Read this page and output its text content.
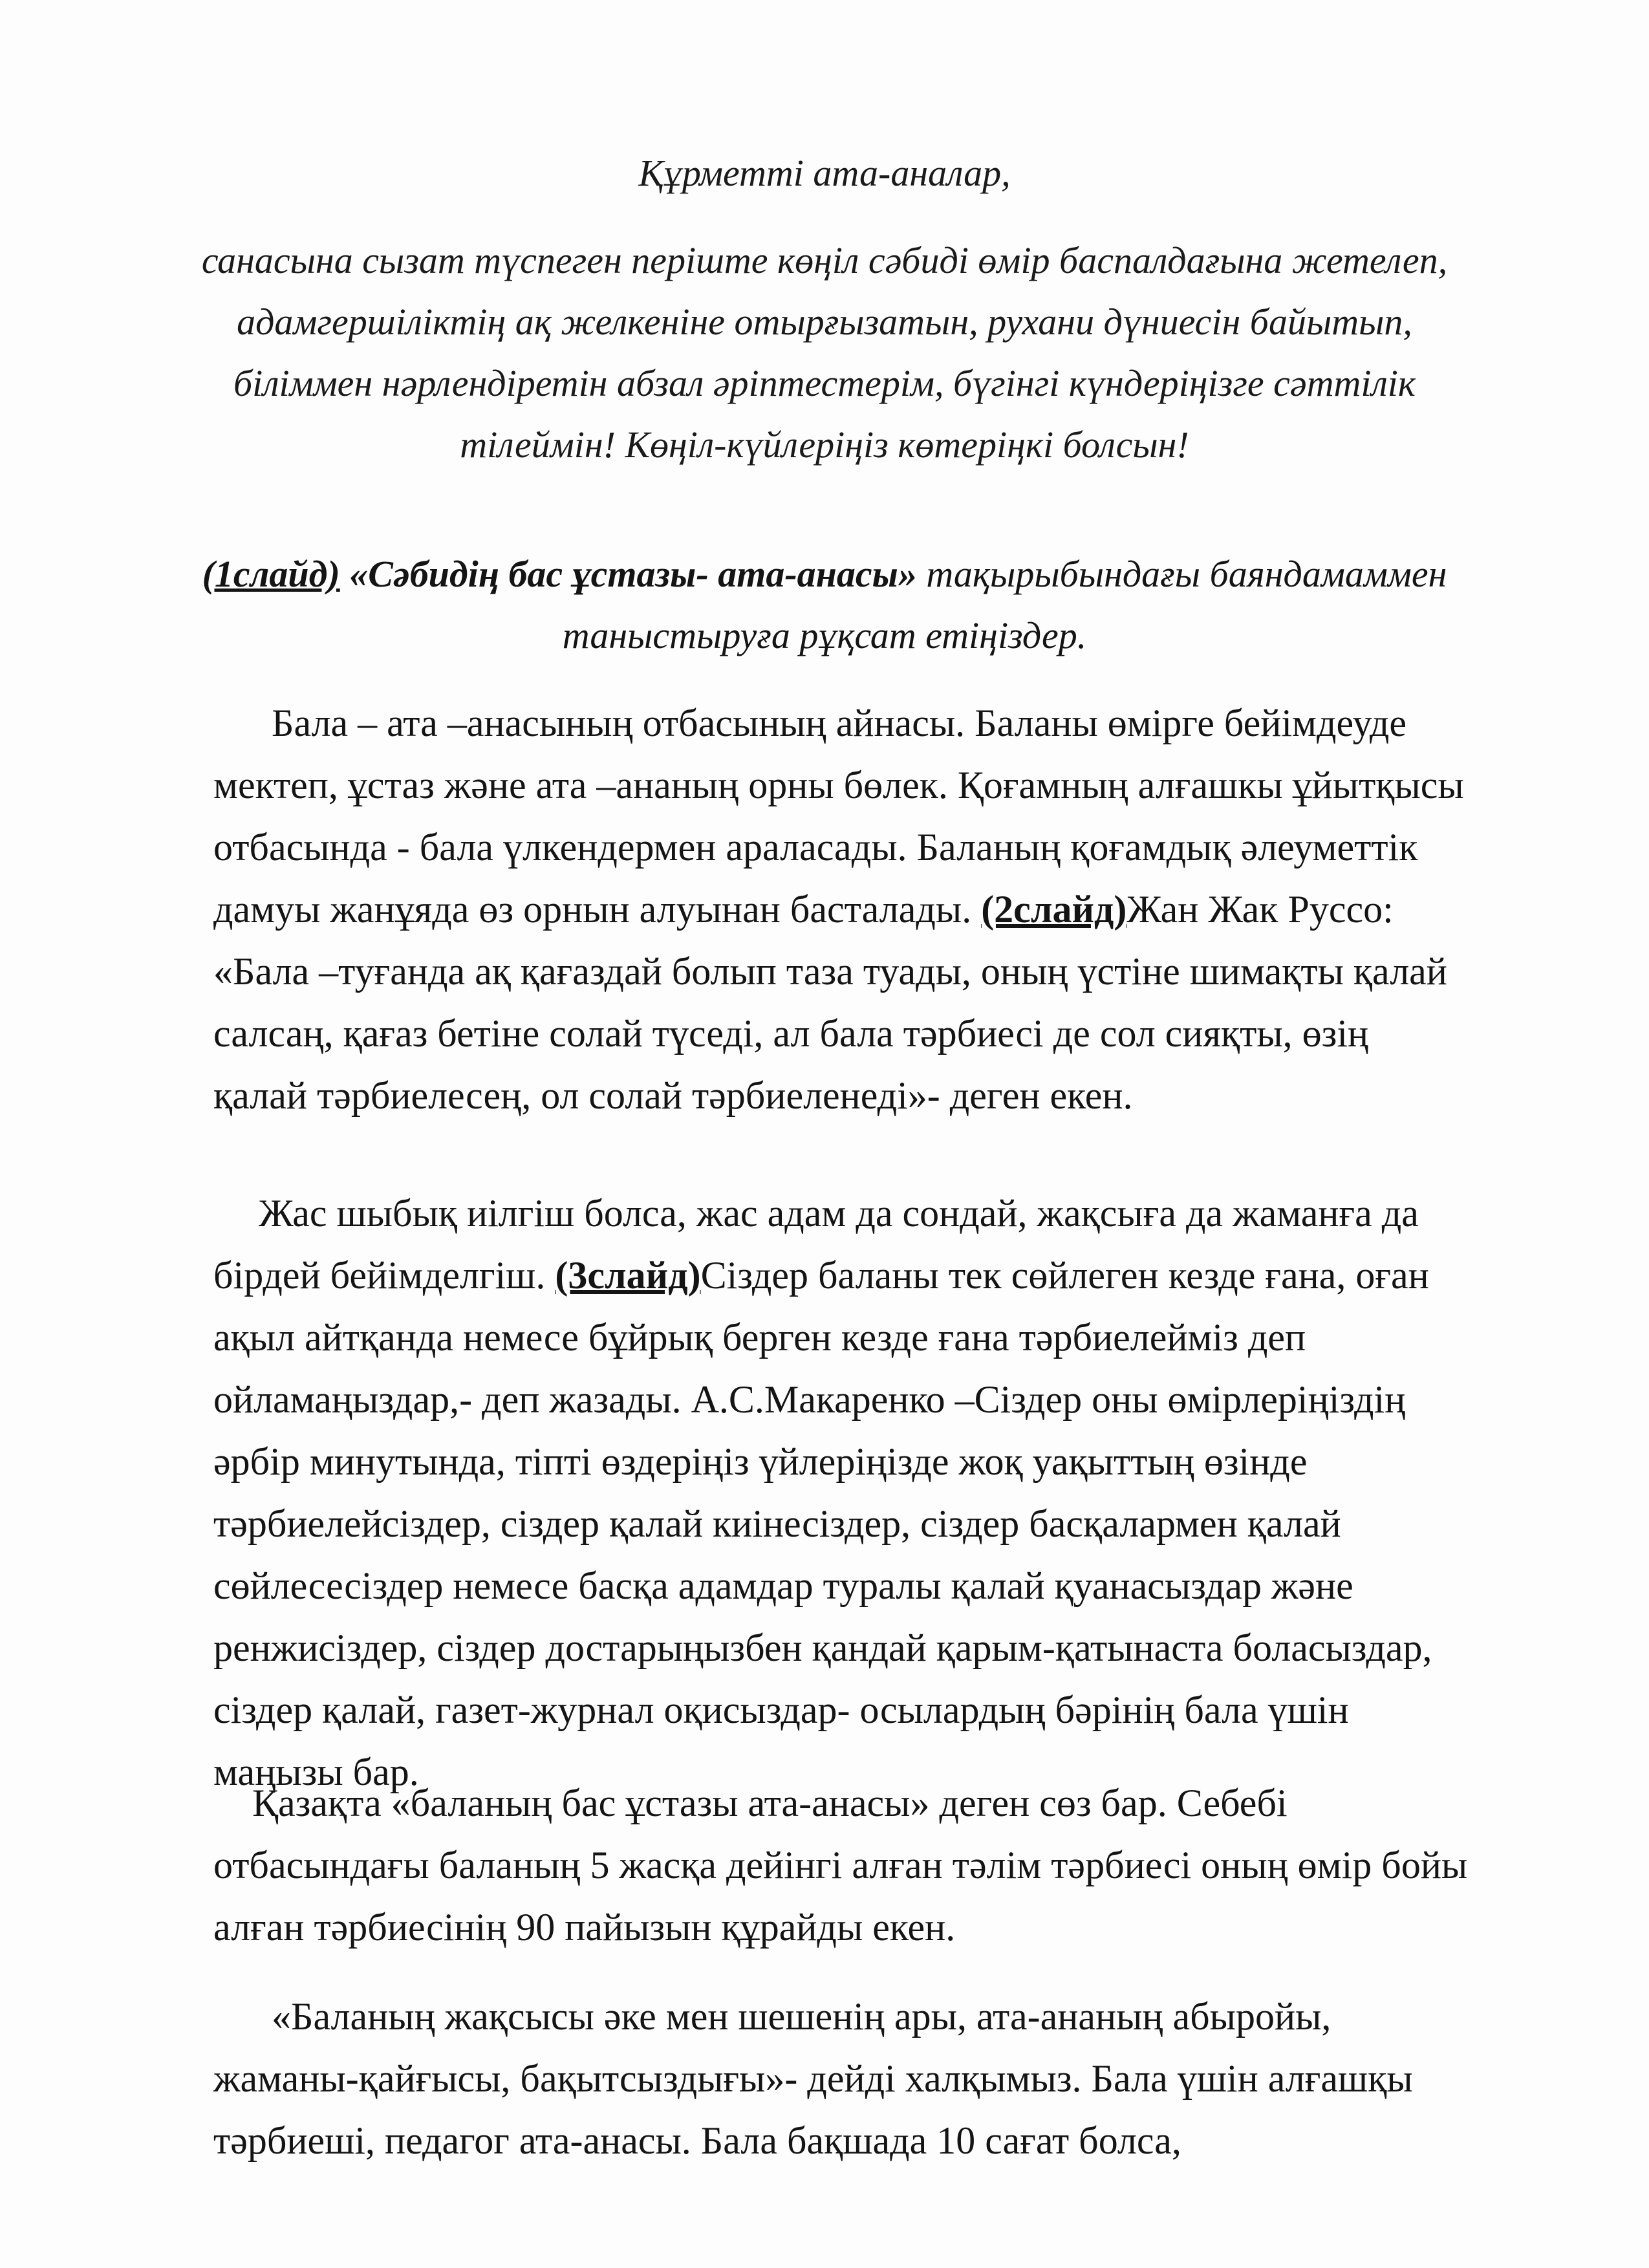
Құрметті ата-аналар,
санасына сызат түспеген періште көңіл сәбиді өмір баспалдағына жетелеп, адамгершіліктің ақ желкеніне отырғызатын, рухани дүниесін байытып, біліммен нәрлендіретін абзал әріптестерім, бүгінгі күндеріңізге сәттілік тілеймін! Көңіл-күйлеріңіз көтеріңкі болсын!
(1слайд) «Сәбидің бас ұстазы- ата-анасы» тақырыбындағы баяндамаммен таныстыруға рұқсат етіңіздер.
Бала – ата –анасының отбасының айнасы. Баланы өмірге бейімдеуде мектеп, ұстаз және ата –ананың орны бөлек. Қоғамның алғашкы ұйытқысы отбасында - бала үлкендермен араласады. Баланың қоғамдық әлеуметтік дамуы жанұяда өз орнын алуынан басталады. (2слайд)Жан Жак Руссо: «Бала –туғанда ақ қағаздай болып таза туады, оның үстіне шимақты қалай салсаң, қағаз бетіне солай түседі, ал бала тәрбиесі де сол сияқты, өзің қалай тәрбиелесең, ол солай тәрбиеленеді»- деген екен.
Жас шыбық иілгіш болса, жас адам да сондай, жақсыға да жаманға да бірдей бейімделгіш. (3слайд)Сіздер баланы тек сөйлеген кезде ғана, оған ақыл айтқанда немесе бұйрық берген кезде ғана тәрбиелейміз деп ойламаңыздар,- деп жазады. А.С.Макаренко –Сіздер оны өмірлеріңіздің әрбір минутында, тіпті өздеріңіз үйлеріңізде жоқ уақыттың өзінде тәрбиелейсіздер, сіздер қалай киінесіздер, сіздер басқалармен қалай сөйлесесіздер немесе басқа адамдар туралы қалай қуанасыздар және ренжисіздер, сіздер достарыңызбен қандай қарым-қатынаста боласыздар, сіздер қалай, газет-журнал оқисыздар- осылардың бәрінің бала үшін маңызы бар.
Қазақта «баланың бас ұстазы ата-анасы» деген сөз бар. Себебі отбасындағы баланың 5 жасқа дейінгі алған тәлім тәрбиесі оның өмір бойы алған тәрбиесінің 90 пайызын құрайды екен.
«Баланың жақсысы әке мен шешенің ары, ата-ананың абыройы, жаманы-қайғысы, бақытсыздығы»- дейді халқымыз. Бала үшін алғашқы тәрбиеші, педагог ата-анасы. Бала бақшада 10 сағат болса,
